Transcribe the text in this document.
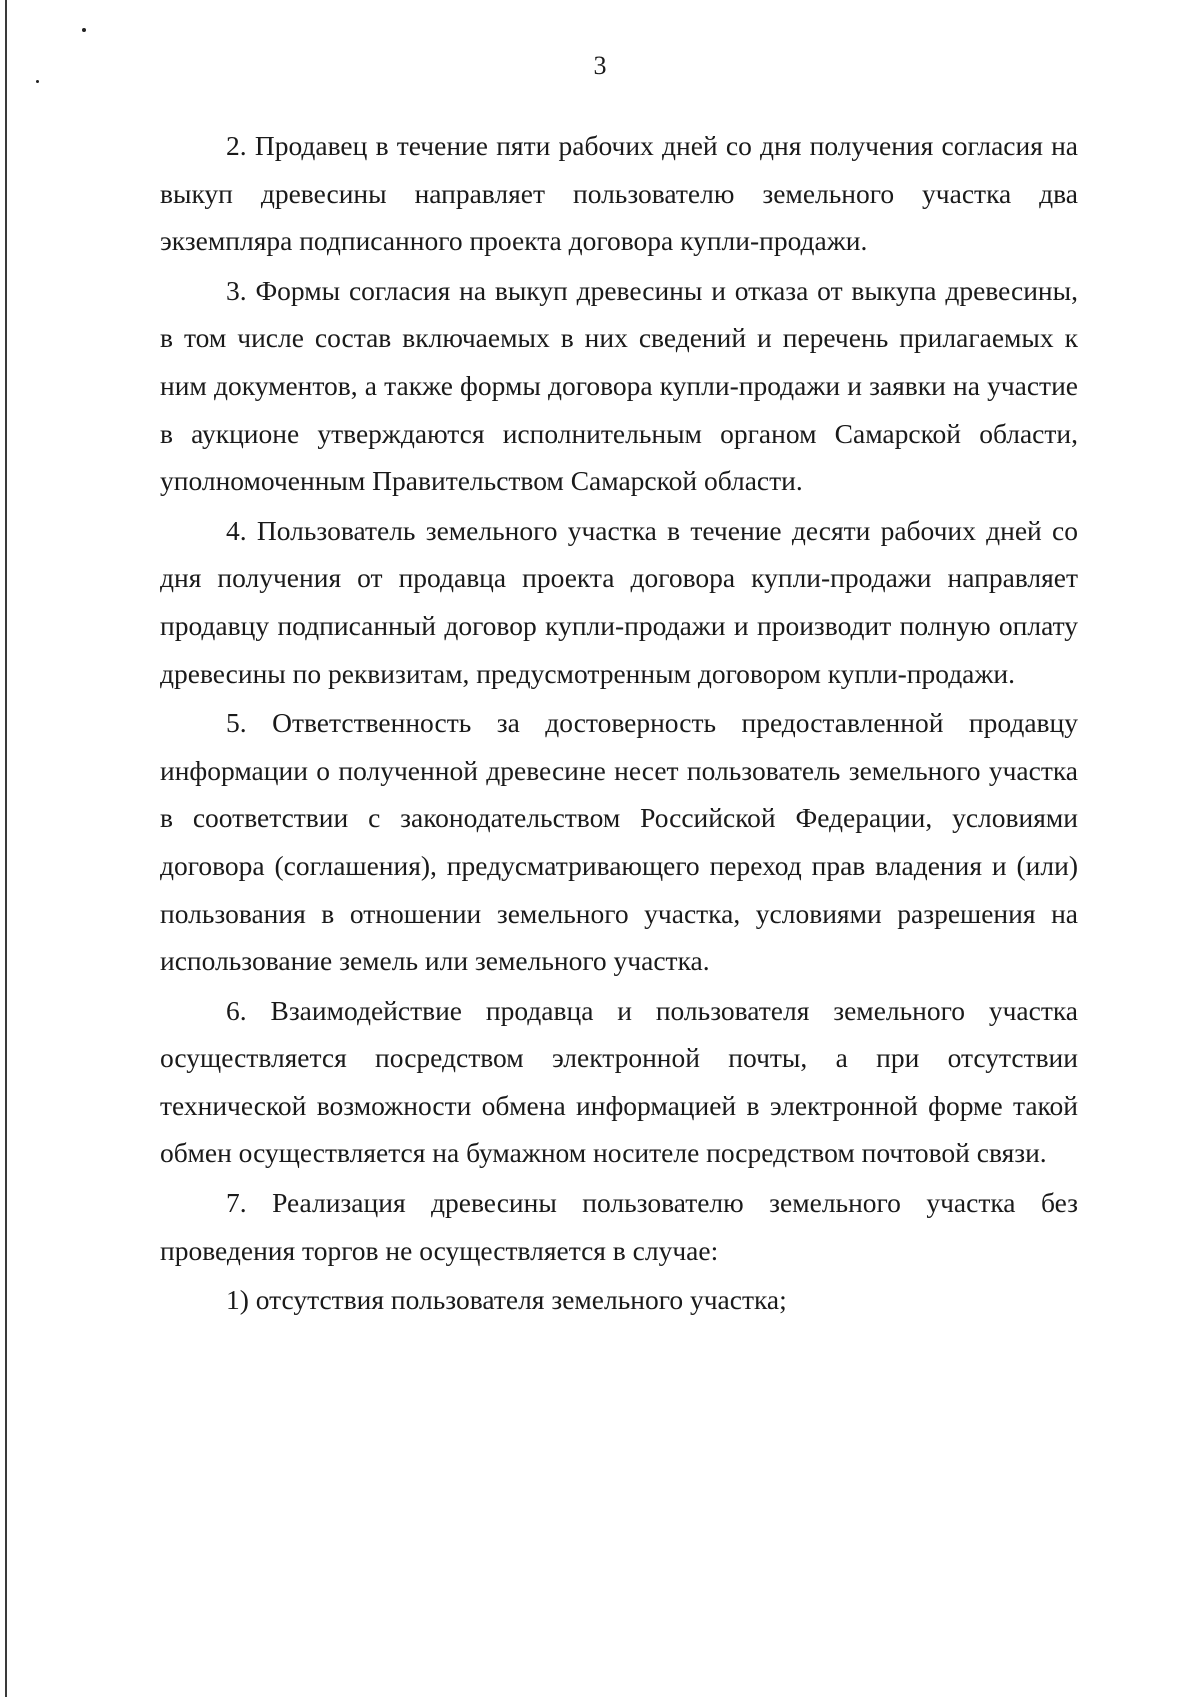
3

2. Продавец в течение пяти рабочих дней со дня получения согласия на выкуп древесины направляет пользователю земельного участка два экземпляра подписанного проекта договора купли-продажи.

3. Формы согласия на выкуп древесины и отказа от выкупа древесины, в том числе состав включаемых в них сведений и перечень прилагаемых к ним документов, а также формы договора купли-продажи и заявки на участие в аукционе утверждаются исполнительным органом Самарской области, уполномоченным Правительством Самарской области.

4. Пользователь земельного участка в течение десяти рабочих дней со дня получения от продавца проекта договора купли-продажи направляет продавцу подписанный договор купли-продажи и производит полную оплату древесины по реквизитам, предусмотренным договором купли-продажи.

5. Ответственность за достоверность предоставленной продавцу информации о полученной древесине несет пользователь земельного участка в соответствии с законодательством Российской Федерации, условиями договора (соглашения), предусматривающего переход прав владения и (или) пользования в отношении земельного участка, условиями разрешения на использование земель или земельного участка.

6. Взаимодействие продавца и пользователя земельного участка осуществляется посредством электронной почты, а при отсутствии технической возможности обмена информацией в электронной форме такой обмен осуществляется на бумажном носителе посредством почтовой связи.

7. Реализация древесины пользователю земельного участка без проведения торгов не осуществляется в случае:

1) отсутствия пользователя земельного участка;
